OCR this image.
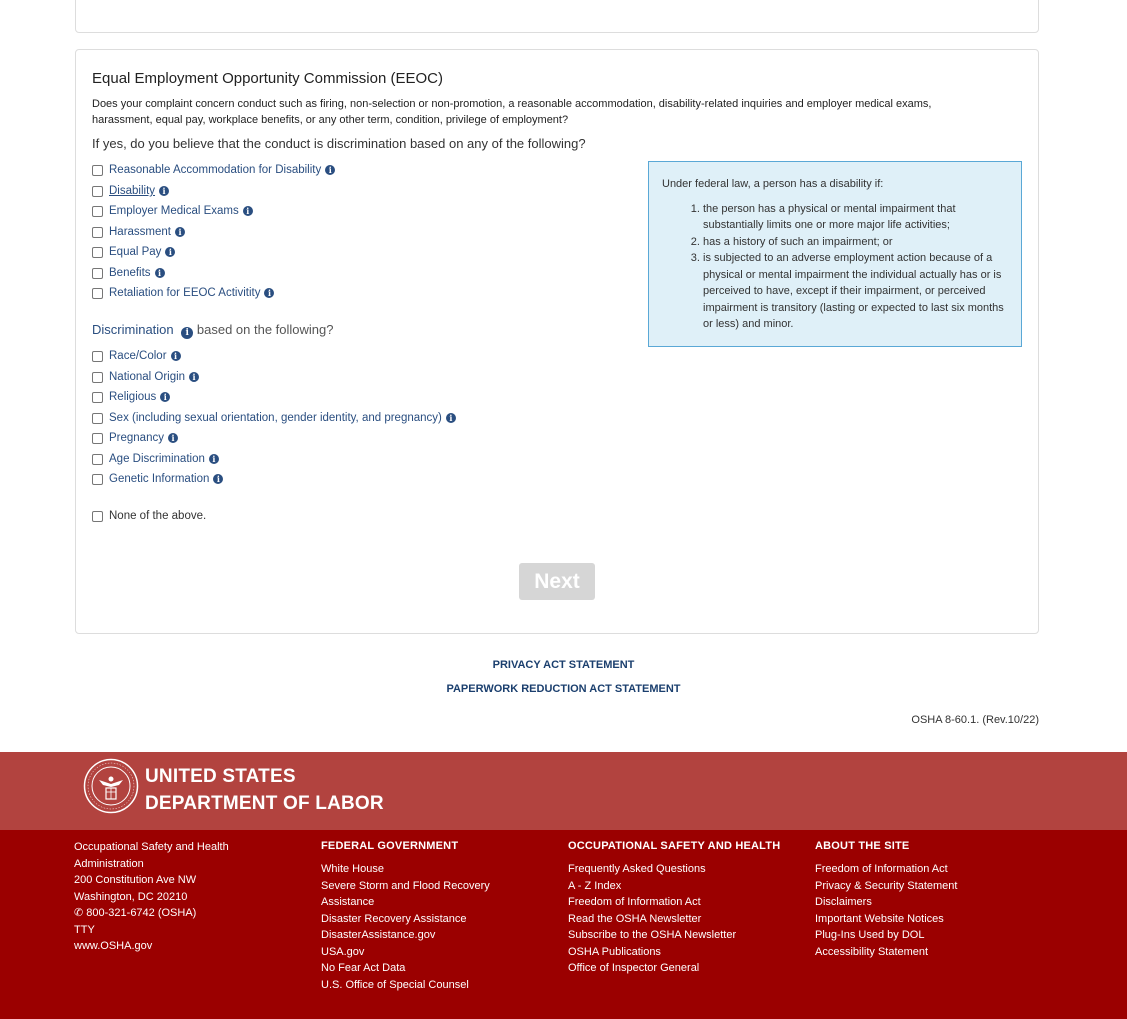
Equal Employment Opportunity Commission (EEOC)
Does your complaint concern conduct such as firing, non-selection or non-promotion, a reasonable accommodation, disability-related inquiries and employer medical exams, harassment, equal pay, workplace benefits, or any other term, condition, privilege of employment?
If yes, do you believe that the conduct is discrimination based on any of the following?
Reasonable Accommodation for Disability i
Disability i
Employer Medical Exams i
Harassment i
Equal Pay i
Benefits i
Retaliation for EEOC Activitity i
Discrimination i based on the following?
Race/Color i
National Origin i
Religious i
Sex (including sexual orientation, gender identity, and pregnancy) i
Pregnancy i
Age Discrimination i
Genetic Information i
None of the above.
Under federal law, a person has a disability if:
1. the person has a physical or mental impairment that substantially limits one or more major life activities;
2. has a history of such an impairment; or
3. is subjected to an adverse employment action because of a physical or mental impairment the individual actually has or is perceived to have, except if their impairment, or perceived impairment is transitory (lasting or expected to last six months or less) and minor.
Next
PRIVACY ACT STATEMENT
PAPERWORK REDUCTION ACT STATEMENT
OSHA 8-60.1. (Rev.10/22)
UNITED STATES
DEPARTMENT OF LABOR
Occupational Safety and Health
Administration
200 Constitution Ave NW
Washington, DC 20210
✆ 800-321-6742 (OSHA)
TTY
www.OSHA.gov
FEDERAL GOVERNMENT
White House
Severe Storm and Flood Recovery
Assistance
Disaster Recovery Assistance
DisasterAssistance.gov
USA.gov
No Fear Act Data
U.S. Office of Special Counsel
OCCUPATIONAL SAFETY AND HEALTH
Frequently Asked Questions
A - Z Index
Freedom of Information Act
Read the OSHA Newsletter
Subscribe to the OSHA Newsletter
OSHA Publications
Office of Inspector General
ABOUT THE SITE
Freedom of Information Act
Privacy & Security Statement
Disclaimers
Important Website Notices
Plug-Ins Used by DOL
Accessibility Statement
